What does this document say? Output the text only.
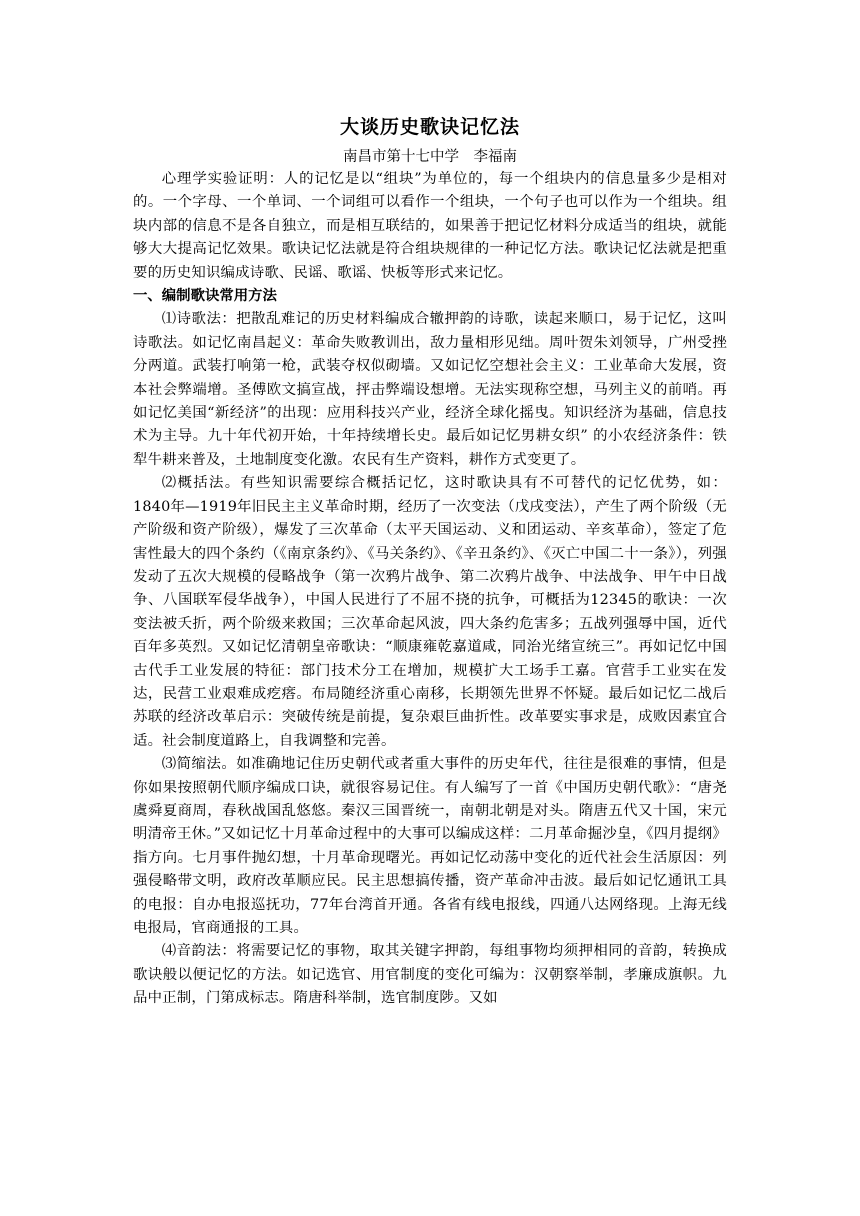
大谈历史歌诀记忆法

南昌市第十七中学　李福南

心理学实验证明：人的记忆是以“组块”为单位的，每一个组块内的信息量多少是相对的。一个字母、一个单词、一个词组可以看作一个组块，一个句子也可以作为一个组块。组块内部的信息不是各自独立，而是相互联结的，如果善于把记忆材料分成适当的组块，就能够大大提高记忆效果。歌诀记忆法就是符合组块规律的一种记忆方法。歌诀记忆法就是把重要的历史知识编成诗歌、民谣、歌谣、快板等形式来记忆。

一、编制歌诀常用方法

⑴诗歌法：把散乱难记的历史材料编成合辙押韵的诗歌，读起来顺口，易于记忆，这叫诗歌法。如记忆南昌起义：革命失败教训出，敌力量相形见绌。周叶贺朱刘领导，广州受挫分两道。武装打响第一枪，武装夺权似砌墙。又如记忆空想社会主义：工业革命大发展，资本社会弊端增。圣傅欧文搞宣战，抨击弊端设想增。无法实现称空想，马列主义的前哨。再如记忆美国“新经济”的出现：应用科技兴产业，经济全球化摇曳。知识经济为基础，信息技术为主导。九十年代初开始，十年持续增长史。最后如记忆男耕女织” 的小农经济条件：铁犁牛耕来普及，土地制度变化激。农民有生产资料，耕作方式变更了。

⑵概括法。有些知识需要综合概括记忆，这时歌诀具有不可替代的记忆优势，如： 1840年—1919年旧民主主义革命时期，经历了一次变法（戊戌变法），产生了两个阶级（无产阶级和资产阶级），爆发了三次革命（太平天国运动、义和团运动、辛亥革命），签定了危害性最大的四个条约（《南京条约》、《马关条约》、《辛丑条约》、《灭亡中国二十一条》），列强发动了五次大规模的侵略战争（第一次鸦片战争、第二次鸦片战争、中法战争、甲午中日战争、八国联军侵华战争），中国人民进行了不屈不挠的抗争，可概括为12345的歌诀：一次变法被夭折，两个阶级来救国；三次革命起风波，四大条约危害多；五战列强辱中国，近代百年多英烈。又如记忆清朝皇帝歌诀：“顺康雍乾嘉道咸，同治光绪宣统三”。再如记忆中国古代手工业发展的特征：部门技术分工在增加，规模扩大工场手工嘉。官营手工业实在发达，民营工业艰难成疙瘩。布局随经济重心南移，长期领先世界不怀疑。最后如记忆二战后苏联的经济改革启示：突破传统是前提，复杂艰巨曲折性。改革要实事求是，成败因素宜合适。社会制度道路上，自我调整和完善。

⑶简缩法。如准确地记住历史朝代或者重大事件的历史年代，往往是很难的事情，但是你如果按照朝代顺序编成口诀，就很容易记住。有人编写了一首《中国历史朝代歌》：“唐尧虞舜夏商周，春秋战国乱悠悠。秦汉三国晋统一，南朝北朝是对头。隋唐五代又十国，宋元明清帝王休。”又如记忆十月革命过程中的大事可以编成这样：二月革命掘沙皇，《四月提纲》指方向。七月事件抛幻想，十月革命现曙光。再如记忆动荡中变化的近代社会生活原因：列强侵略带文明，政府改革顺应民。民主思想搞传播，资产革命冲击波。最后如记忆通讯工具的电报：自办电报巡抚功，77年台湾首开通。各省有线电报线，四通八达网络现。上海无线电报局，官商通报的工具。

⑷音韵法：将需要记忆的事物，取其关键字押韵，每组事物均须押相同的音韵，转换成歌诀般以便记忆的方法。如记选官、用官制度的变化可编为：汉朝察举制，孝廉成旗帜。九品中正制，门第成标志。隋唐科举制，选官制度陟。又如
